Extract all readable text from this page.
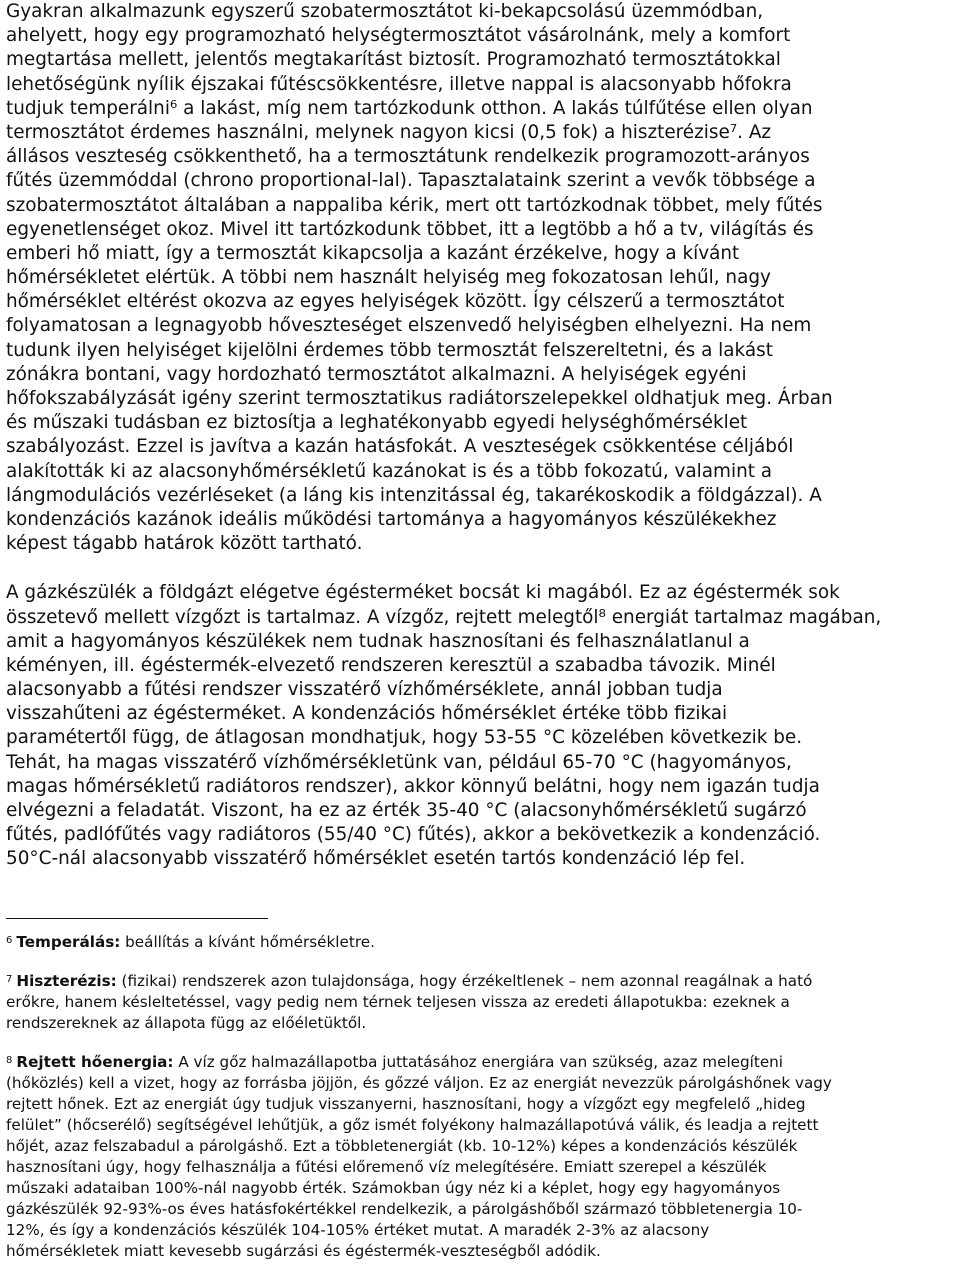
Gyakran alkalmazunk egyszerű szobatermosztátot ki-bekapcsolású üzemmódban,
ahelyett, hogy egy programozható helységtermosztátot vásárolnánk, mely a komfort
megtartása mellett, jelentős megtakarítást biztosít. Programozható termosztátokkal
lehetőségünk nyílik éjszakai fűtéscsökkentésre, illetve nappal is alacsonyabb hőfokra
tudjuk temperálni⁶ a lakást, míg nem tartózkodunk otthon. A lakás túlfűtése ellen olyan
termosztátot érdemes használni, melynek nagyon kicsi (0,5 fok) a hiszterézise⁷. Az
állásos veszteség csökkenthető, ha a termosztátunk rendelkezik programozott-arányos
fűtés üzemmóddal (chrono proportional-lal). Tapasztalataink szerint a vevők többsége a
szobatermosztátot általában a nappaliba kérik, mert ott tartózkodnak többet, mely fűtés
egyenetlenséget okoz. Mivel itt tartózkodunk többet, itt a legtöbb a hő a tv, világítás és
emberi hő miatt, így a termosztát kikapcsolja a kazánt érzékelve, hogy a kívánt
hőmérsékletet elértük. A többi nem használt helyiség meg fokozatosan lehűl, nagy
hőmérséklet eltérést okozva az egyes helyiségek között. Így célszerű a termosztátot
folyamatosan a legnagyobb hőveszteséget elszenvedő helyiségben elhelyezni. Ha nem
tudunk ilyen helyiséget kijelölni érdemes több termosztát felszereltetni, és a lakást
zónákra bontani, vagy hordozható termosztátot alkalmazni. A helyiségek egyéni
hőfokszabályzását igény szerint termosztatikus radiátorszelepekkel oldhatjuk meg. Árban
és műszaki tudásban ez biztosítja a leghatékonyabb egyedi helységhőmérséklet
szabályozást. Ezzel is javítva a kazán hatásfokát. A veszteségek csökkentése céljából
alakították ki az alacsonyhőmérsékletű kazánokat is és a több fokozatú, valamint a
lángmodulációs vezérléseket (a láng kis intenzitással ég, takarékoskodik a földgázzal). A
kondenzációs kazánok ideális működési tartománya a hagyományos készülékekhez
képest tágabb határok között tartható.
A gázkészülék a földgázt elégetve égésterméket bocsát ki magából. Ez az égéstermék sok
összetevő mellett vízgőzt is tartalmaz. A vízgőz, rejtett melegtől⁸ energiát tartalmaz magában,
amit a hagyományos készülékek nem tudnak hasznosítani és felhasználatlanul a
kéményen, ill. égéstermék-elvezető rendszeren keresztül a szabadba távozik. Minél
alacsonyabb a fűtési rendszer visszatérő vízhőmérséklete, annál jobban tudja
visszahűteni az égésterméket. A kondenzációs hőmérséklet értéke több fizikai
paramétertől függ, de átlagosan mondhatjuk, hogy 53-55 °C közelében következik be.
Tehát, ha magas visszatérő vízhőmérsékletünk van, például 65-70 °C (hagyományos,
magas hőmérsékletű radiátoros rendszer), akkor könnyű belátni, hogy nem igazán tudja
elvégezni a feladatát. Viszont, ha ez az érték 35-40 °C (alacsonyhőmérsékletű sugárzó
fűtés, padlófűtés vagy radiátoros (55/40 °C) fűtés), akkor a bekövetkezik a kondenzáció.
50°C-nál alacsonyabb visszatérő hőmérséklet esetén tartós kondenzáció lép fel.
$^6$ Temperálás: beállítás a kívánt hőmérsékletre.
$^7$ Hiszterézis: (fizikai) rendszerek azon tulajdonsága, hogy érzékeltlenek – nem azonnal reagálnak a ható
erőkre, hanem késleltetéssel, vagy pedig nem térnek teljesen vissza az eredeti állapotukba: ezeknek a
rendszereknek az állapota függ az előéletüktől.
$^8$ Rejtett hőenergia: A víz gőz halmazállapotba juttatásához energiára van szükség, azaz melegíteni
(hőközlés) kell a vizet, hogy az forrásba jöjjön, és gőzzé váljon. Ez az energiát nevezzük párolgáshőnek vagy
rejtett hőnek. Ezt az energiát úgy tudjuk visszanyerni, hasznosítani, hogy a vízgőzt egy megfelelő „hideg
felület” (hőcserélő) segítségével lehűtjük, a gőz ismét folyékony halmazállapotúvá válik, és leadja a rejtett
hőjét, azaz felszabadul a párolgáshő. Ezt a többletenergiát (kb. 10-12%) képes a kondenzációs készülék
hasznosítani úgy, hogy felhasználja a fűtési előremenő víz melegítésére. Emiatt szerepel a készülék
műszaki adataiban 100%-nál nagyobb érték. Számokban úgy néz ki a képlet, hogy egy hagyományos
gázkészülék 92-93%-os éves hatásfokértékkel rendelkezik, a párolgáshőből származó többletenergia 10-
12%, és így a kondenzációs készülék 104-105% értéket mutat. A maradék 2-3% az alacsony
hőmérsékletek miatt kevesebb sugárzási és égéstermék-veszteségből adódik.
